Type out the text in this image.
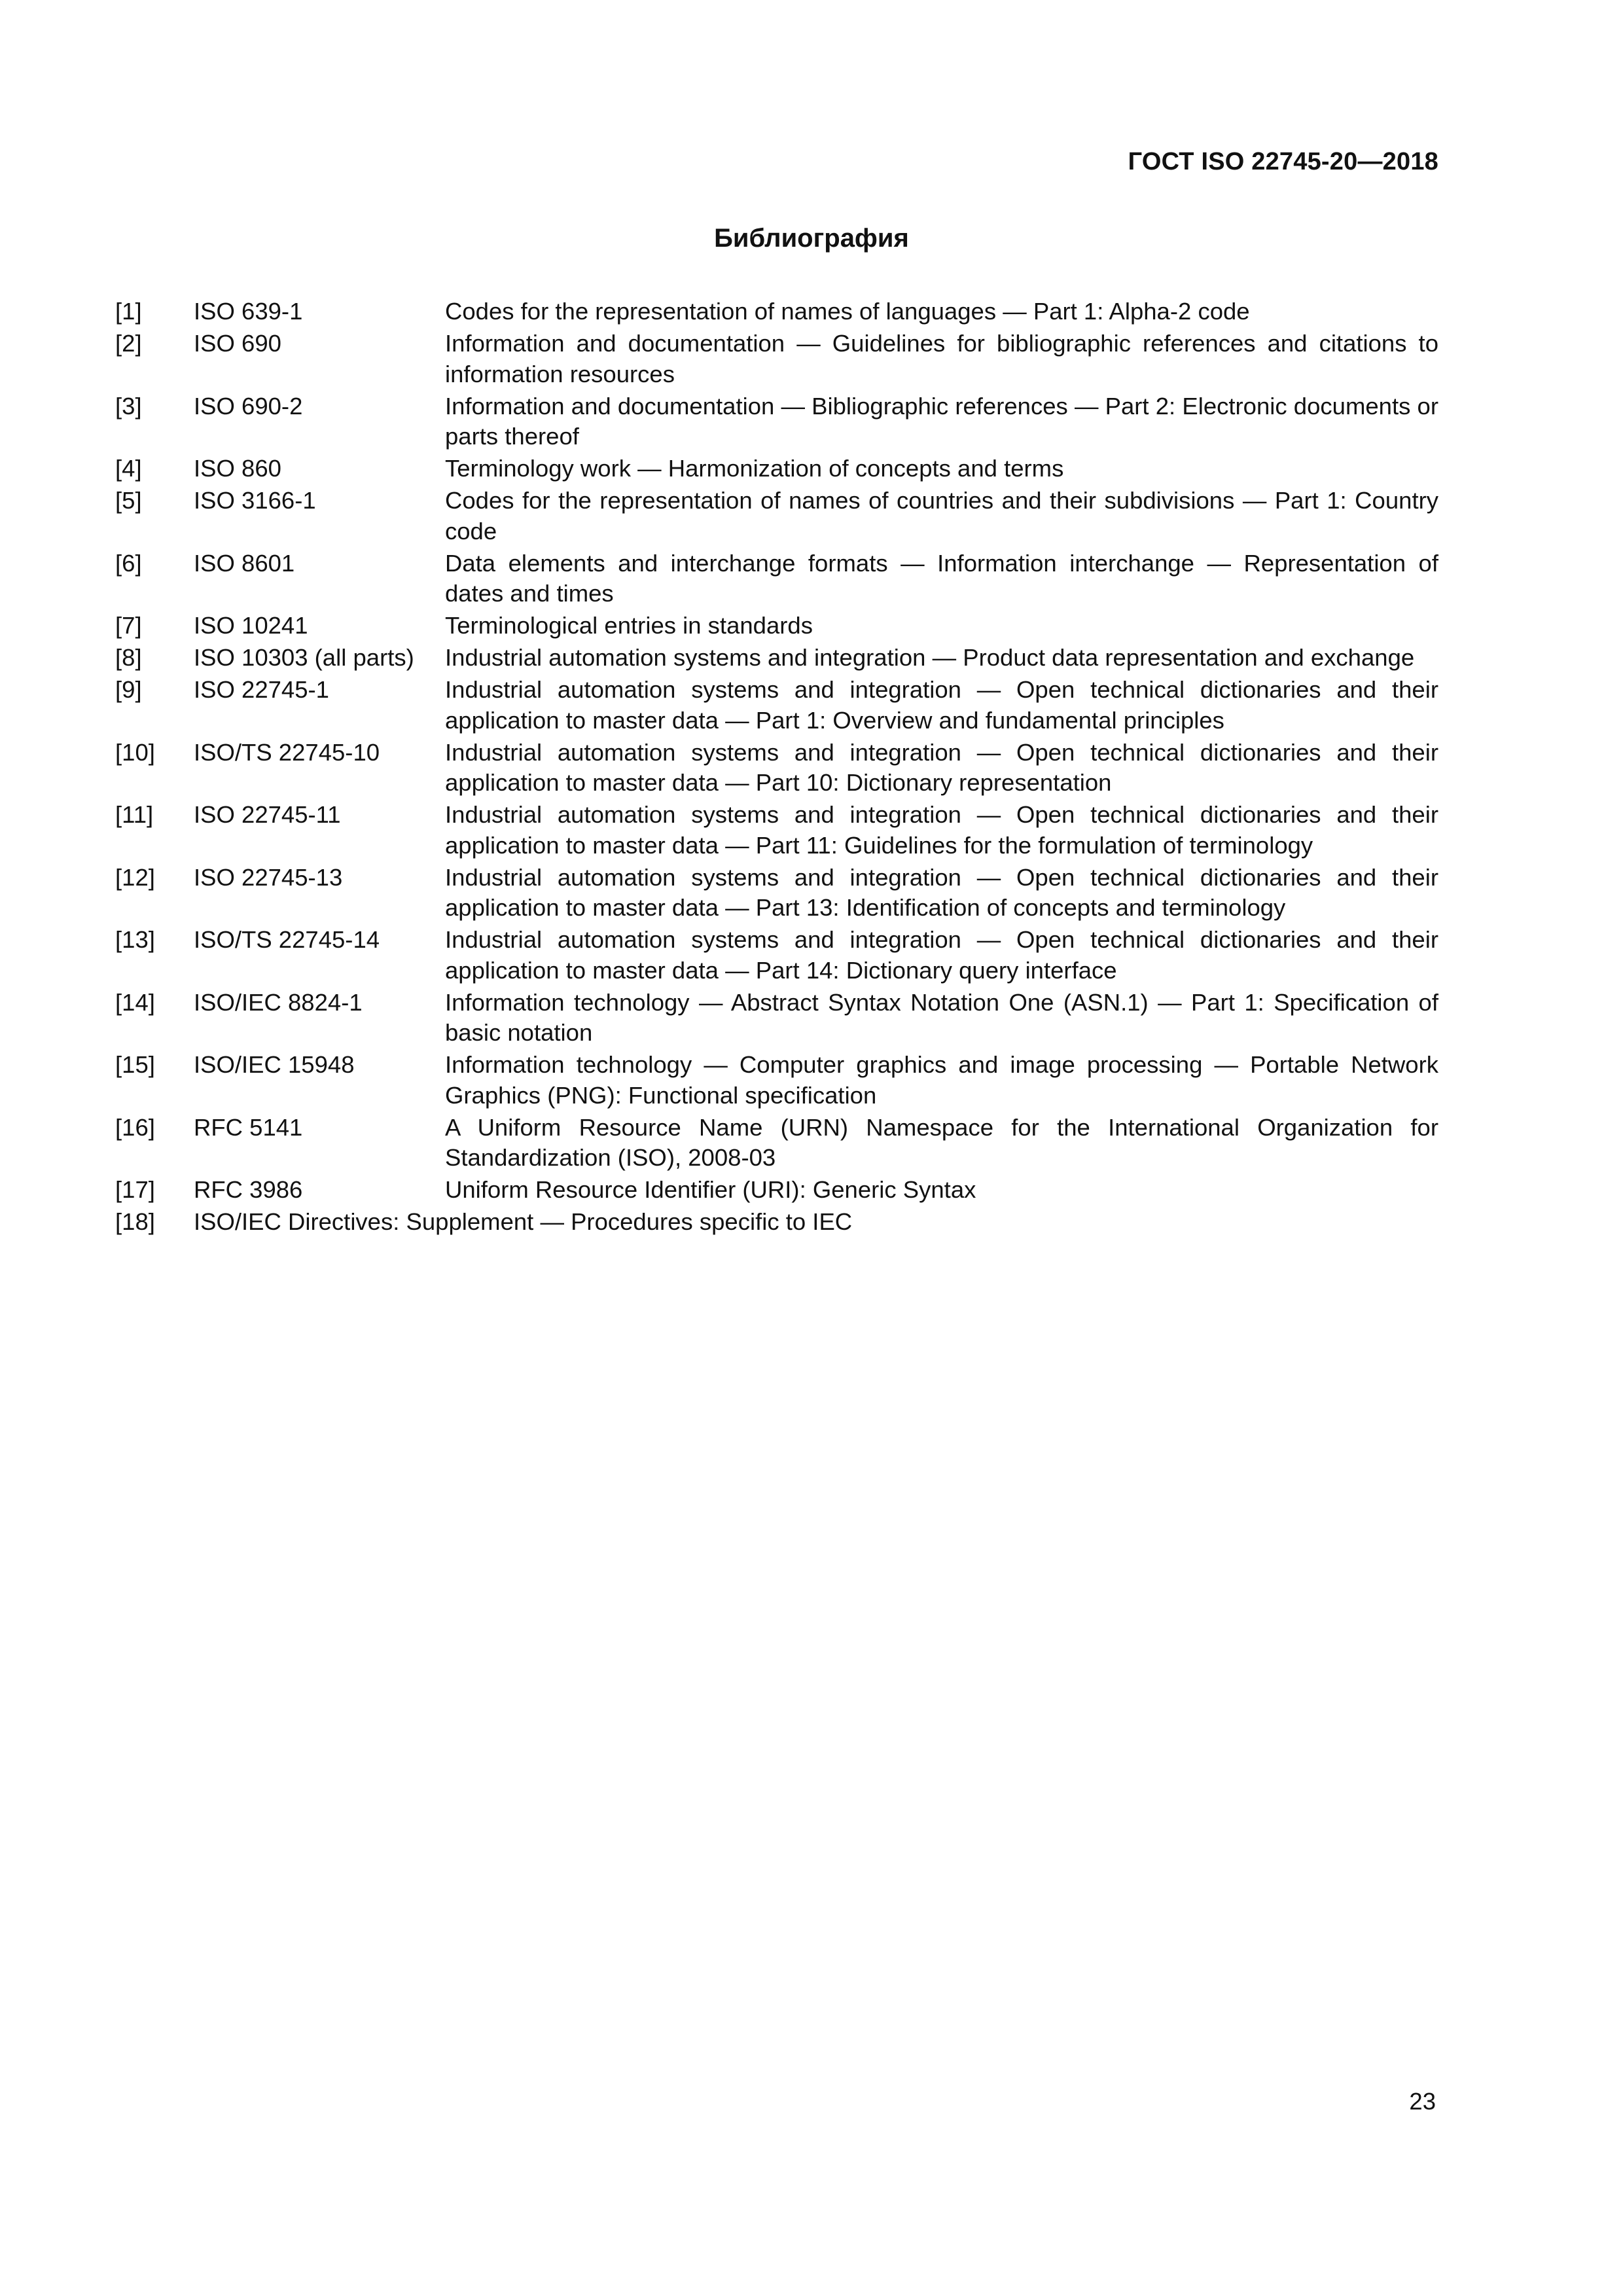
ГОСТ ISO 22745-20—2018
Библиография
[1] ISO 639-1	Codes for the representation of names of languages — Part 1: Alpha-2 code
[2] ISO 690	Information and documentation — Guidelines for bibliographic references and citations to information resources
[3] ISO 690-2	Information and documentation — Bibliographic references — Part 2: Electronic documents or parts thereof
[4] ISO 860	Terminology work — Harmonization of concepts and terms
[5] ISO 3166-1	Codes for the representation of names of countries and their subdivisions — Part 1: Country code
[6] ISO 8601	Data elements and interchange formats — Information interchange — Representation of dates and times
[7] ISO 10241	Terminological entries in standards
[8] ISO 10303 (all parts) Industrial automation systems and integration — Product data representation and exchange
[9] ISO 22745-1	Industrial automation systems and integration — Open technical dictionaries and their application to master data — Part 1: Overview and fundamental principles
[10] ISO/TS 22745-10	Industrial automation systems and integration — Open technical dictionaries and their application to master data — Part 10: Dictionary representation
[11] ISO 22745-11	Industrial automation systems and integration — Open technical dictionaries and their application to master data — Part 11: Guidelines for the formulation of terminology
[12] ISO 22745-13	Industrial automation systems and integration — Open technical dictionaries and their application to master data — Part 13: Identification of concepts and terminology
[13] ISO/TS 22745-14	Industrial automation systems and integration — Open technical dictionaries and their application to master data — Part 14: Dictionary query interface
[14] ISO/IEC 8824-1	Information technology — Abstract Syntax Notation One (ASN.1) — Part 1: Specification of basic notation
[15] ISO/IEC 15948	Information technology — Computer graphics and image processing — Portable Network Graphics (PNG): Functional specification
[16] RFC 5141	A Uniform Resource Name (URN) Namespace for the International Organization for Standardization (ISO), 2008-03
[17] RFC 3986	Uniform Resource Identifier (URI): Generic Syntax
[18] ISO/IEC Directives: Supplement — Procedures specific to IEC
23
